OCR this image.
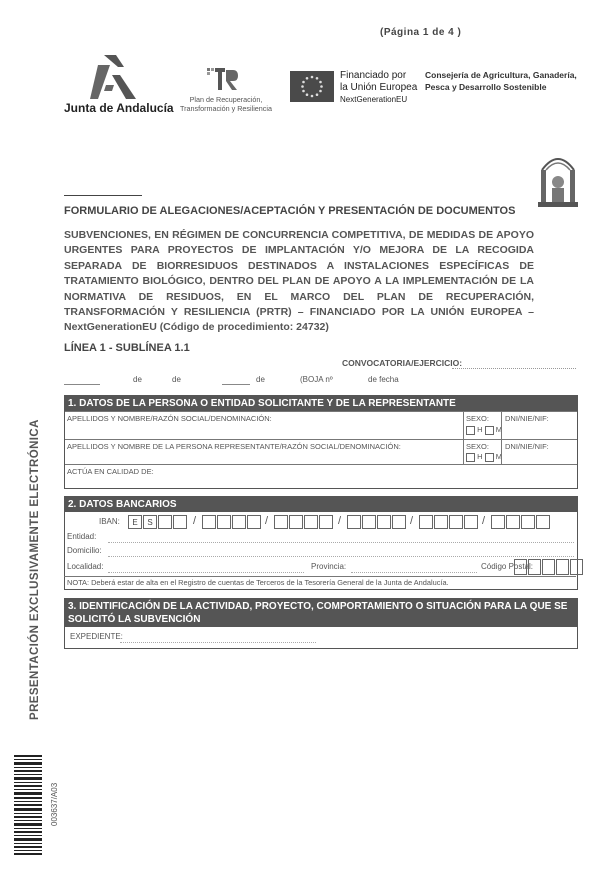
(Página 1 de 4 )
Junta de Andalucía
Plan de Recuperación,
Transformación y Resiliencia
Financiado por
la Unión Europea
NextGenerationEU
Consejería de Agricultura, Ganadería,
Pesca y Desarrollo Sostenible
FORMULARIO DE ALEGACIONES/ACEPTACIÓN Y PRESENTACIÓN DE DOCUMENTOS
SUBVENCIONES, EN RÉGIMEN DE CONCURRENCIA COMPETITIVA, DE MEDIDAS DE APOYO
URGENTES PARA PROYECTOS DE IMPLANTACIÓN Y/O MEJORA DE LA RECOGIDA
SEPARADA DE BIORRESIDUOS DESTINADOS A INSTALACIONES ESPECÍFICAS DE
TRATAMIENTO BIOLÓGICO, DENTRO DEL PLAN DE APOYO A LA IMPLEMENTACIÓN DE LA
NORMATIVA DE RESIDUOS, EN EL MARCO DEL PLAN DE RECUPERACIÓN,
TRANSFORMACIÓN Y RESILIENCIA (PRTR) – FINANCIADO POR LA UNIÓN EUROPEA –
NextGenerationEU (Código de procedimiento: 24732)
LÍNEA 1 - SUBLÍNEA 1.1
CONVOCATORIA/EJERCICIO:
de	de	de	(BOJA nº	de fecha
1. DATOS DE LA PERSONA O ENTIDAD SOLICITANTE Y DE LA REPRESENTANTE
APELLIDOS Y NOMBRE/RAZÓN SOCIAL/DENOMINACIÓN:	SEXO:
H M
DNI/NIE/NIF:
APELLIDOS Y NOMBRE DE LA PERSONA REPRESENTANTE/RAZÓN SOCIAL/DENOMINACIÓN:	SEXO:
H M
DNI/NIE/NIF:
ACTÚA EN CALIDAD DE:
2. DATOS BANCARIOS
IBAN:	E	S	/	/	/	/	/
Entidad:
Domicilio:
Localidad:	Provincia:	Código Postal:
NOTA: Deberá estar de alta en el Registro de cuentas de Terceros de la Tesorería General de la Junta de Andalucía.
3. IDENTIFICACIÓN DE LA ACTIVIDAD, PROYECTO, COMPORTAMIENTO O SITUACIÓN PARA LA QUE SE
SOLICITÓ LA SUBVENCIÓN
EXPEDIENTE:
PRESENTACIÓN EXCLUSIVAMENTE ELECTRÓNICA
003637/A03
